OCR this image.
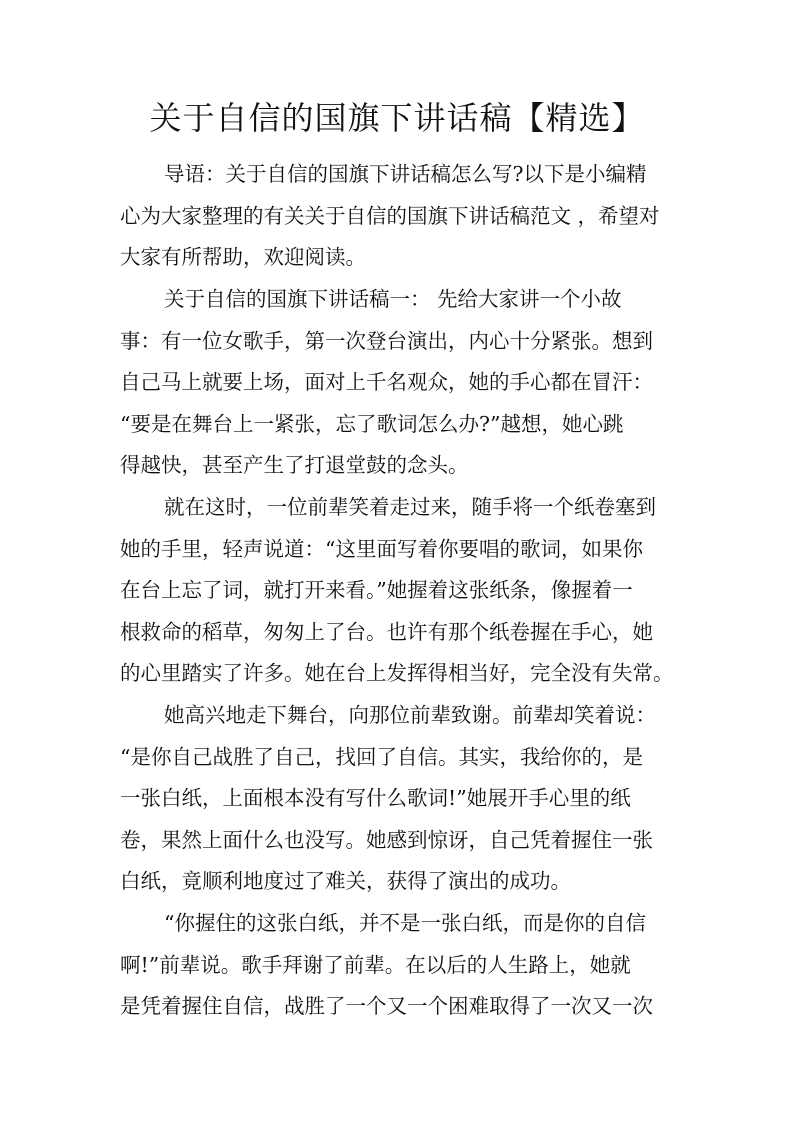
关于自信的国旗下讲话稿【精选】
导语：关于自信的国旗下讲话稿怎么写?以下是小编精
心为大家整理的有关关于自信的国旗下讲话稿范文 ，希望对
大家有所帮助，欢迎阅读。
关于自信的国旗下讲话稿一： 先给大家讲一个小故
事：有一位女歌手，第一次登台演出，内心十分紧张。想到
自己马上就要上场，面对上千名观众，她的手心都在冒汗：
“要是在舞台上一紧张，忘了歌词怎么办?”越想，她心跳
得越快，甚至产生了打退堂鼓的念头。
就在这时，一位前辈笑着走过来，随手将一个纸卷塞到
她的手里，轻声说道：“这里面写着你要唱的歌词，如果你
在台上忘了词，就打开来看。”她握着这张纸条，像握着一
根救命的稻草，匆匆上了台。也许有那个纸卷握在手心，她
的心里踏实了许多。她在台上发挥得相当好，完全没有失常。
她高兴地走下舞台，向那位前辈致谢。前辈却笑着说：
“是你自己战胜了自己，找回了自信。其实，我给你的，是
一张白纸，上面根本没有写什么歌词!”她展开手心里的纸
卷，果然上面什么也没写。她感到惊讶，自己凭着握住一张
白纸，竟顺利地度过了难关，获得了演出的成功。
“你握住的这张白纸，并不是一张白纸，而是你的自信
啊!”前辈说。歌手拜谢了前辈。在以后的人生路上，她就
是凭着握住自信，战胜了一个又一个困难取得了一次又一次
